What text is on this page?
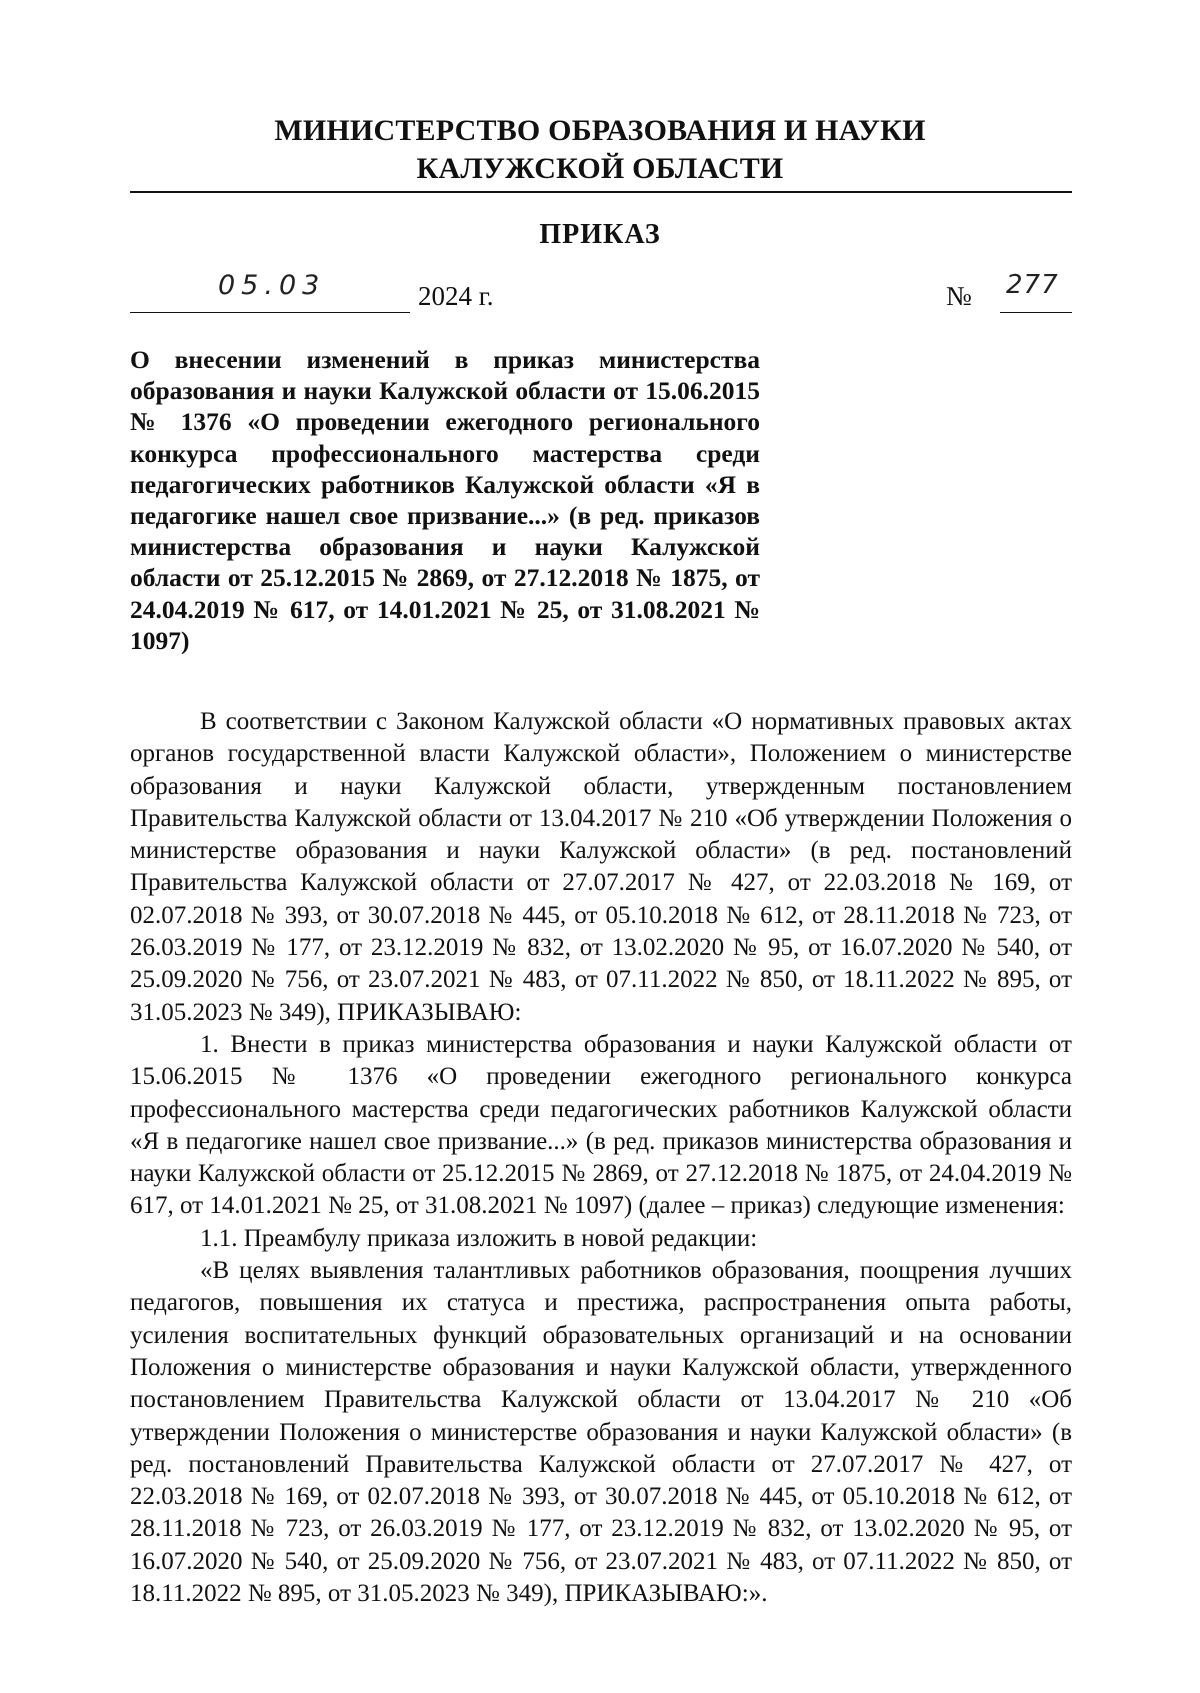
МИНИСТЕРСТВО ОБРАЗОВАНИЯ И НАУКИ
КАЛУЖСКОЙ ОБЛАСТИ
ПРИКАЗ
05.03	2024 г.	№ 277
О внесении изменений в приказ министерства образования и науки Калужской области от 15.06.2015 № 1376 «О проведении ежегодного регионального конкурса профессионального мастерства среди педагогических работников Калужской области «Я в педагогике нашел свое призвание...» (в ред. приказов министерства образования и науки Калужской области от 25.12.2015 № 2869, от 27.12.2018 № 1875, от 24.04.2019 № 617, от 14.01.2021 № 25, от 31.08.2021 № 1097)

В соответствии с Законом Калужской области «О нормативных правовых актах органов государственной власти Калужской области», Положением о министерстве образования и науки Калужской области, утвержденным постановлением Правительства Калужской области от 13.04.2017 № 210 «Об утверждении Положения о министерстве образования и науки Калужской области» (в ред. постановлений Правительства Калужской области от 27.07.2017 № 427, от 22.03.2018 № 169, от 02.07.2018 № 393, от 30.07.2018 № 445, от 05.10.2018 № 612, от 28.11.2018 № 723, от 26.03.2019 № 177, от 23.12.2019 № 832, от 13.02.2020 № 95, от 16.07.2020 № 540, от 25.09.2020 № 756, от 23.07.2021 № 483, от 07.11.2022 № 850, от 18.11.2022 № 895, от 31.05.2023 № 349), ПРИКАЗЫВАЮ:

1. Внести в приказ министерства образования и науки Калужской области от 15.06.2015 № 1376 «О проведении ежегодного регионального конкурса профессионального мастерства среди педагогических работников Калужской области «Я в педагогике нашел свое призвание...» (в ред. приказов министерства образования и науки Калужской области от 25.12.2015 № 2869, от 27.12.2018 № 1875, от 24.04.2019 № 617, от 14.01.2021 № 25, от 31.08.2021 № 1097) (далее – приказ) следующие изменения:

1.1. Преамбулу приказа изложить в новой редакции:

«В целях выявления талантливых работников образования, поощрения лучших педагогов, повышения их статуса и престижа, распространения опыта работы, усиления воспитательных функций образовательных организаций и на основании Положения о министерстве образования и науки Калужской области, утвержденного постановлением Правительства Калужской области от 13.04.2017 № 210 «Об утверждении Положения о министерстве образования и науки Калужской области» (в ред. постановлений Правительства Калужской области от 27.07.2017 № 427, от 22.03.2018 № 169, от 02.07.2018 № 393, от 30.07.2018 № 445, от 05.10.2018 № 612, от 28.11.2018 № 723, от 26.03.2019 № 177, от 23.12.2019 № 832, от 13.02.2020 № 95, от 16.07.2020 № 540, от 25.09.2020 № 756, от 23.07.2021 № 483, от 07.11.2022 № 850, от 18.11.2022 № 895, от 31.05.2023 № 349), ПРИКАЗЫВАЮ:».
